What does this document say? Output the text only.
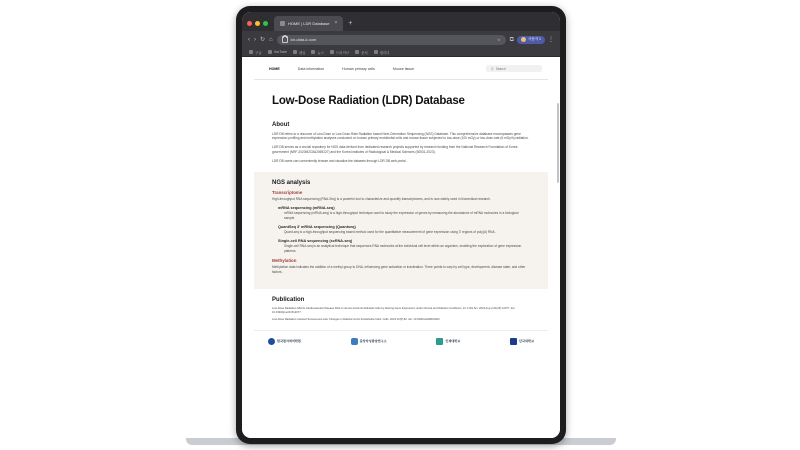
HOME | LDR Database × +
‹ › ↻ ⌂	ldr-data-k.com	☆ ⧉	사용자 1 ⋮
구글	YouTube	메일	뉴스	드라이브	문서	캠리더
HOME	Data information	Human primary cells	Mouse tissue	⚲
Search
Low-Dose Radiation (LDR) Database
About

LDR DB refers to a resource of Low-Dose or Low-Dose-Rate Radiation based Next-Generation Sequencing (NGS) Database. This comprehensive database encompasses gene expression profiling and methylation analyses conducted on human primary endothelial cells and mouse tissue subjected to low-dose (100 mGy) or low-dose-rate (6 mGy/h) radiation.

LDR DB serves as a crucial repository for NGS data derived from dedicated research projects supported by research funding from the National Research Foundation of Korea government (NRF-2020M2C8A2069227) and the Korea Institutes of Radiological & Medical Sciences (50531-2023).

LDR DB users can conveniently browse and visualize the datasets through LDR DB web portal.

NGS analysis
Transcriptome

High-throughput RNA sequencing (RNA-Seq) is a powerful tool to characterize and quantify transcriptomes, and is now widely used in biomedical research.

mRNA sequencing (mRNA-seq)

mRNA sequencing (mRNA-seq) is a high-throughput technique used to study the expression of genes by measuring the abundance of mRNA molecules in a biological sample.

QuantSeq 3' mRNA sequencing (Quantseq)

Quant-seq is a high-throughput sequencing based method used for the quantitative measurement of gene expression using 3' regions of poly(A) RNA.

Single-cell RNA sequencing (scRNA-seq)

Single-cell RNA-seq is an analytical technique that sequences RNA molecules at the individual cell level within an organism, enabling the exploration of gene expression patterns.

Methylation

Methylation data indicates the addition of a methyl group to DNA, influencing gene activation or inactivation. Three points to vary by cell type, development, disease state, and other factors.

Publication
Low-Dose Radiation Affects Cardiovascular Disease Risk in Human Aortic Endothelial Cells by Altering Gene Expression under Normal and Diabetic Conditions. Int J Mol Sci. 2023 Aug 2;24(15):12077. doi: 10.3390/ijms241512077.
Low-Dose Radiation-Induced Senescence-Like Changes in Diabetic Aortic Endothelial Cells. Cells. 2023;12(5):82. doi: 10.3390/cells8010002.
한국원자력의학원	중앙악성종양연구소	인제대학교	단국대학교
